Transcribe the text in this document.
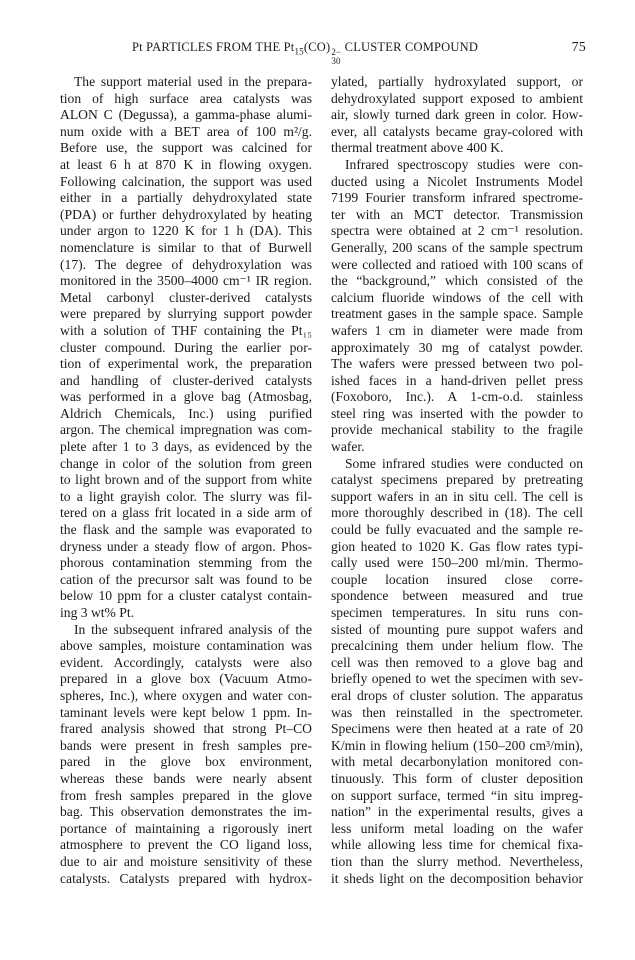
Pt PARTICLES FROM THE $Pt_{15}(CO)$ 2−
30
CLUSTER COMPOUND	75
The support material used in the prepara-
tion of high surface area catalysts was
ALON C (Degussa), a gamma-phase alumi-
num oxide with a BET area of 100 m²/g.
Before use, the support was calcined for
at least 6 h at 870 K in flowing oxygen.
Following calcination, the support was used
either in a partially dehydroxylated state
(PDA) or further dehydroxylated by heating
under argon to 1220 K for 1 h (DA). This
nomenclature is similar to that of Burwell
(17). The degree of dehydroxylation was
monitored in the 3500–4000 cm⁻¹ IR region.
Metal carbonyl cluster-derived catalysts
were prepared by slurrying support powder
with a solution of THF containing the Pt₁₅
cluster compound. During the earlier por-
tion of experimental work, the preparation
and handling of cluster-derived catalysts
was performed in a glove bag (Atmosbag,
Aldrich Chemicals, Inc.) using purified
argon. The chemical impregnation was com-
plete after 1 to 3 days, as evidenced by the
change in color of the solution from green
to light brown and of the support from white
to a light grayish color. The slurry was fil-
tered on a glass frit located in a side arm of
the flask and the sample was evaporated to
dryness under a steady flow of argon. Phos-
phorous contamination stemming from the
cation of the precursor salt was found to be
below 10 ppm for a cluster catalyst contain-
ing 3 wt% Pt.
In the subsequent infrared analysis of the
above samples, moisture contamination was
evident. Accordingly, catalysts were also
prepared in a glove box (Vacuum Atmo-
spheres, Inc.), where oxygen and water con-
taminant levels were kept below 1 ppm. In-
frared analysis showed that strong Pt–CO
bands were present in fresh samples pre-
pared in the glove box environment,
whereas these bands were nearly absent
from fresh samples prepared in the glove
bag. This observation demonstrates the im-
portance of maintaining a rigorously inert
atmosphere to prevent the CO ligand loss,
due to air and moisture sensitivity of these
catalysts. Catalysts prepared with hydrox-
ylated, partially hydroxylated support, or
dehydroxylated support exposed to ambient
air, slowly turned dark green in color. How-
ever, all catalysts became gray-colored with
thermal treatment above 400 K.
Infrared spectroscopy studies were con-
ducted using a Nicolet Instruments Model
7199 Fourier transform infrared spectrome-
ter with an MCT detector. Transmission
spectra were obtained at 2 cm⁻¹ resolution.
Generally, 200 scans of the sample spectrum
were collected and ratioed with 100 scans of
the “background,” which consisted of the
calcium fluoride windows of the cell with
treatment gases in the sample space. Sample
wafers 1 cm in diameter were made from
approximately 30 mg of catalyst powder.
The wafers were pressed between two pol-
ished faces in a hand-driven pellet press
(Foxoboro, Inc.). A 1-cm-o.d. stainless
steel ring was inserted with the powder to
provide mechanical stability to the fragile
wafer.
Some infrared studies were conducted on
catalyst specimens prepared by pretreating
support wafers in an in situ cell. The cell is
more thoroughly described in (18). The cell
could be fully evacuated and the sample re-
gion heated to 1020 K. Gas flow rates typi-
cally used were 150–200 ml/min. Thermo-
couple location insured close corre-
spondence between measured and true
specimen temperatures. In situ runs con-
sisted of mounting pure suppot wafers and
precalcining them under helium flow. The
cell was then removed to a glove bag and
briefly opened to wet the specimen with sev-
eral drops of cluster solution. The apparatus
was then reinstalled in the spectrometer.
Specimens were then heated at a rate of 20
K/min in flowing helium (150–200 cm³/min),
with metal decarbonylation monitored con-
tinuously. This form of cluster deposition
on support surface, termed “in situ impreg-
nation” in the experimental results, gives a
less uniform metal loading on the wafer
while allowing less time for chemical fixa-
tion than the slurry method. Nevertheless,
it sheds light on the decomposition behavior
